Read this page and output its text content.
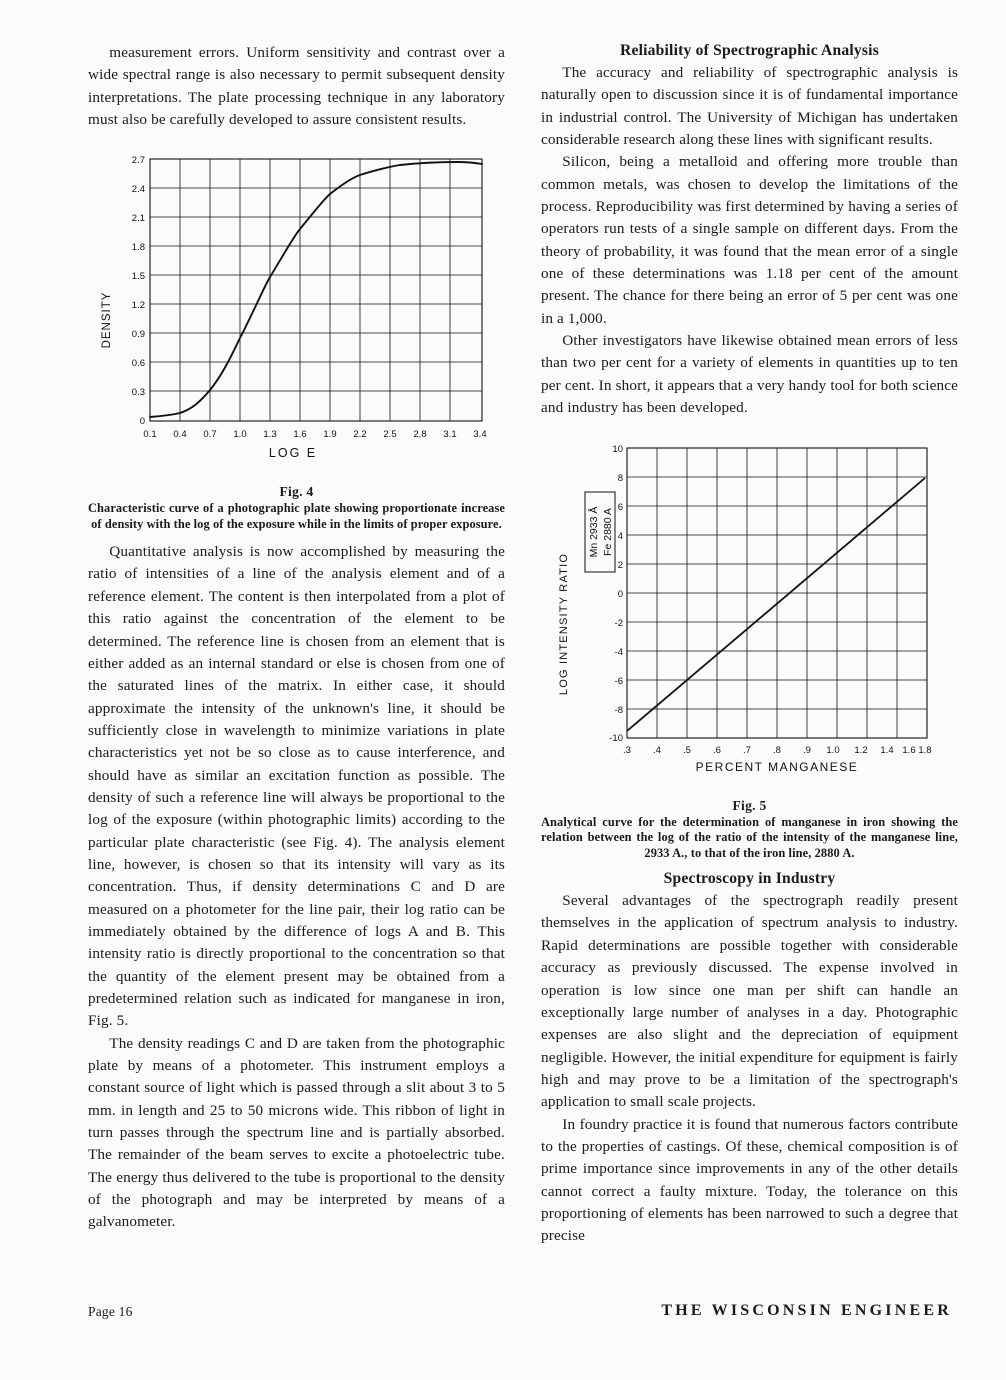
measurement errors. Uniform sensitivity and contrast over a wide spectral range is also necessary to permit subsequent density interpretations. The plate processing technique in any laboratory must also be carefully developed to assure consistent results.

DENSITY
2.7
2.4
2.1
1.8
1.5
1.2
0.9
0.6
0.3
0
0.1 0.4 0.7 1.0 1.3 1.6 1.9 2.2 2.5 2.8 3.1 3.4
LOG E
Fig. 4
Characteristic curve of a photographic plate showing proportionate increase of density with the log of the exposure while in the limits of proper exposure.

Quantitative analysis is now accomplished by measuring the ratio of intensities of a line of the analysis element and of a reference element. The content is then interpolated from a plot of this ratio against the concentration of the element to be determined. The reference line is chosen from an element that is either added as an internal standard or else is chosen from one of the saturated lines of the matrix. In either case, it should approximate the intensity of the unknown's line, it should be sufficiently close in wavelength to minimize variations in plate characteristics yet not be so close as to cause interference, and should have as similar an excitation function as possible. The density of such a reference line will always be proportional to the log of the exposure (within photographic limits) according to the particular plate characteristic (see Fig. 4). The analysis element line, however, is chosen so that its intensity will vary as its concentration. Thus, if density determinations C and D are measured on a photometer for the line pair, their log ratio can be immediately obtained by the difference of logs A and B. This intensity ratio is directly proportional to the concentration so that the quantity of the element present may be obtained from a predetermined relation such as indicated for manganese in iron, Fig. 5.

The density readings C and D are taken from the photographic plate by means of a photometer. This instrument employs a constant source of light which is passed through a slit about 3 to 5 mm. in length and 25 to 50 microns wide. This ribbon of light in turn passes through the spectrum line and is partially absorbed. The remainder of the beam serves to excite a photoelectric tube. The energy thus delivered to the tube is proportional to the density of the photograph and may be interpreted by means of a galvanometer.

Reliability of Spectrographic Analysis

The accuracy and reliability of spectrographic analysis is naturally open to discussion since it is of fundamental importance in industrial control. The University of Michigan has undertaken considerable research along these lines with significant results.

Silicon, being a metalloid and offering more trouble than common metals, was chosen to develop the limitations of the process. Reproducibility was first determined by having a series of operators run tests of a single sample on different days. From the theory of probability, it was found that the mean error of a single one of these determinations was 1.18 per cent of the amount present. The chance for there being an error of 5 per cent was one in a 1,000.

Other investigators have likewise obtained mean errors of less than two per cent for a variety of elements in quantities up to ten per cent. In short, it appears that a very handy tool for both science and industry has been developed.

LOG INTENSITY RATIO
Mn 2933 Å Fe 2880 A
10
8
6
4
2
0
-2
-4
-6
-8
-10
.3 .4 .5 .6 .7 .8 .9 1.0 1.2 1.4 1.6 1.8
PERCENT MANGANESE
Fig. 5
Analytical curve for the determination of manganese in iron showing the relation between the log of the ratio of the intensity of the manganese line, 2933 A., to that of the iron line, 2880 A.
Spectroscopy in Industry

Several advantages of the spectrograph readily present themselves in the application of spectrum analysis to industry. Rapid determinations are possible together with considerable accuracy as previously discussed. The expense involved in operation is low since one man per shift can handle an exceptionally large number of analyses in a day. Photographic expenses are also slight and the depreciation of equipment negligible. However, the initial expenditure for equipment is fairly high and may prove to be a limitation of the spectrograph's application to small scale projects.

In foundry practice it is found that numerous factors contribute to the properties of castings. Of these, chemical composition is of prime importance since improvements in any of the other details cannot correct a faulty mixture. Today, the tolerance on this proportioning of elements has been narrowed to such a degree that precise

Page 16	THE WISCONSIN ENGINEER
